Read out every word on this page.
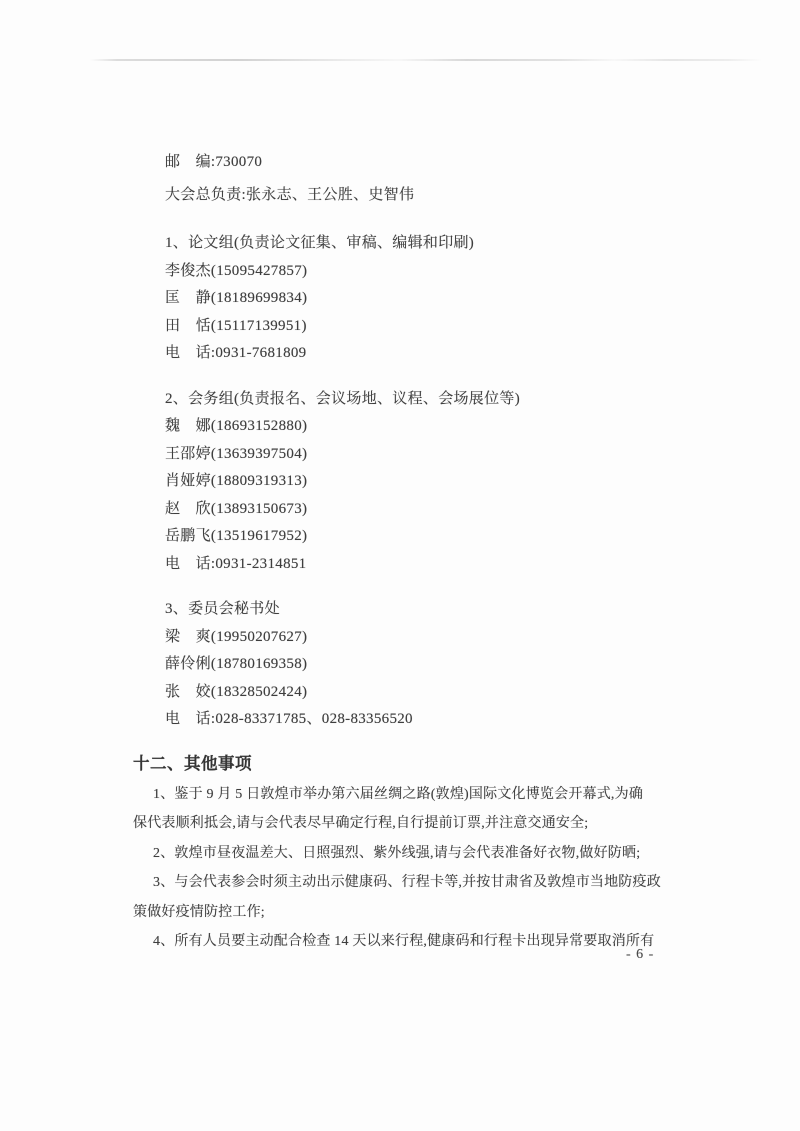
邮　编:730070
大会总负责:张永志、王公胜、史智伟
1、论文组(负责论文征集、审稿、编辑和印刷)
李俊杰(15095427857)
匡　静(18189699834)
田　恬(15117139951)
电　话:0931-7681809
2、会务组(负责报名、会议场地、议程、会场展位等)
魏　娜(18693152880)
王邵婷(13639397504)
肖娅婷(18809319313)
赵　欣(13893150673)
岳鹏飞(13519617952)
电　话:0931-2314851
3、委员会秘书处
梁　爽(19950207627)
薛伶俐(18780169358)
张　姣(18328502424)
电　话:028-83371785、028-83356520
十二、其他事项
1、鉴于 9 月 5 日敦煌市举办第六届丝绸之路(敦煌)国际文化博览会开幕式,为确
保代表顺利抵会,请与会代表尽早确定行程,自行提前订票,并注意交通安全;
2、敦煌市昼夜温差大、日照强烈、紫外线强,请与会代表准备好衣物,做好防晒;
3、与会代表参会时须主动出示健康码、行程卡等,并按甘肃省及敦煌市当地防疫政
策做好疫情防控工作;
4、所有人员要主动配合检查 14 天以来行程,健康码和行程卡出现异常要取消所有
- 6 -
